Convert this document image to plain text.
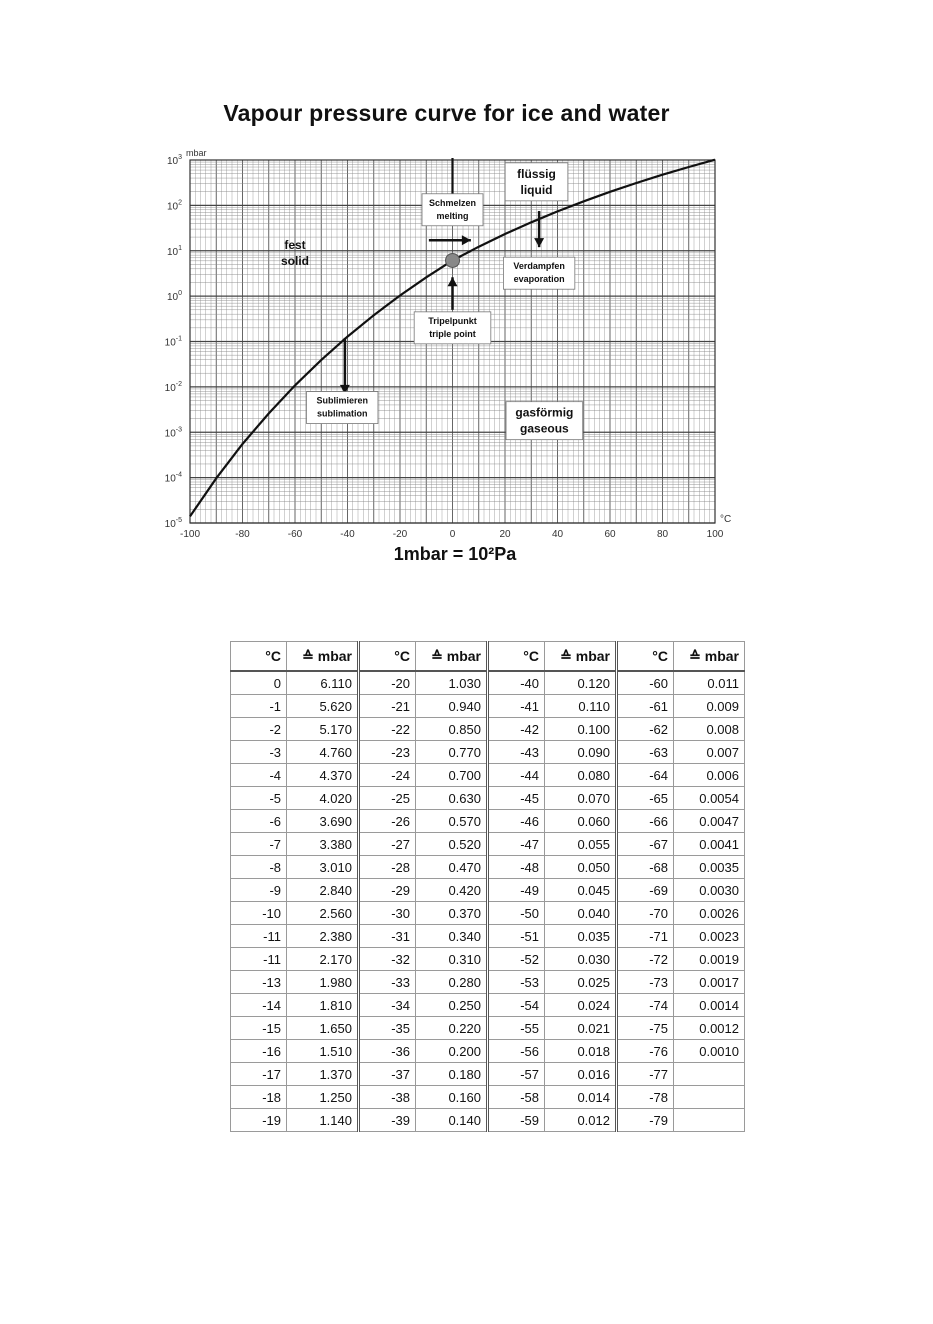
Vapour pressure curve for ice and water
-100	-80	-60	-40	-20	0	20	40	60	80	100
$10^3$
$10^2$
$10^1$
$10^0$
$10^{-1}$
$10^{-2}$
$10^{-3}$
$10^{-4}$
$10^{-5}$
mbar
°C
fest
solid
flüssig
liquid
gasförmig
gaseous
Schmelzen
melting
Verdampfen
evaporation
Tripelpunkt
triple point
Sublimieren
sublimation
1mbar = 10²Pa
°C	≙ mbar	°C	≙ mbar	°C	≙ mbar	°C	≙ mbar
0	6.110	-20	1.030	-40	0.120	-60	0.011
-1	5.620	-21	0.940	-41	0.110	-61	0.009
-2	5.170	-22	0.850	-42	0.100	-62	0.008
-3	4.760	-23	0.770	-43	0.090	-63	0.007
-4	4.370	-24	0.700	-44	0.080	-64	0.006
-5	4.020	-25	0.630	-45	0.070	-65	0.0054
-6	3.690	-26	0.570	-46	0.060	-66	0.0047
-7	3.380	-27	0.520	-47	0.055	-67	0.0041
-8	3.010	-28	0.470	-48	0.050	-68	0.0035
-9	2.840	-29	0.420	-49	0.045	-69	0.0030
-10	2.560	-30	0.370	-50	0.040	-70	0.0026
-11	2.380	-31	0.340	-51	0.035	-71	0.0023
-11	2.170	-32	0.310	-52	0.030	-72	0.0019
-13	1.980	-33	0.280	-53	0.025	-73	0.0017
-14	1.810	-34	0.250	-54	0.024	-74	0.0014
-15	1.650	-35	0.220	-55	0.021	-75	0.0012
-16	1.510	-36	0.200	-56	0.018	-76	0.0010
-17	1.370	-37	0.180	-57	0.016	-77	
-18	1.250	-38	0.160	-58	0.014	-78	
-19	1.140	-39	0.140	-59	0.012	-79	
